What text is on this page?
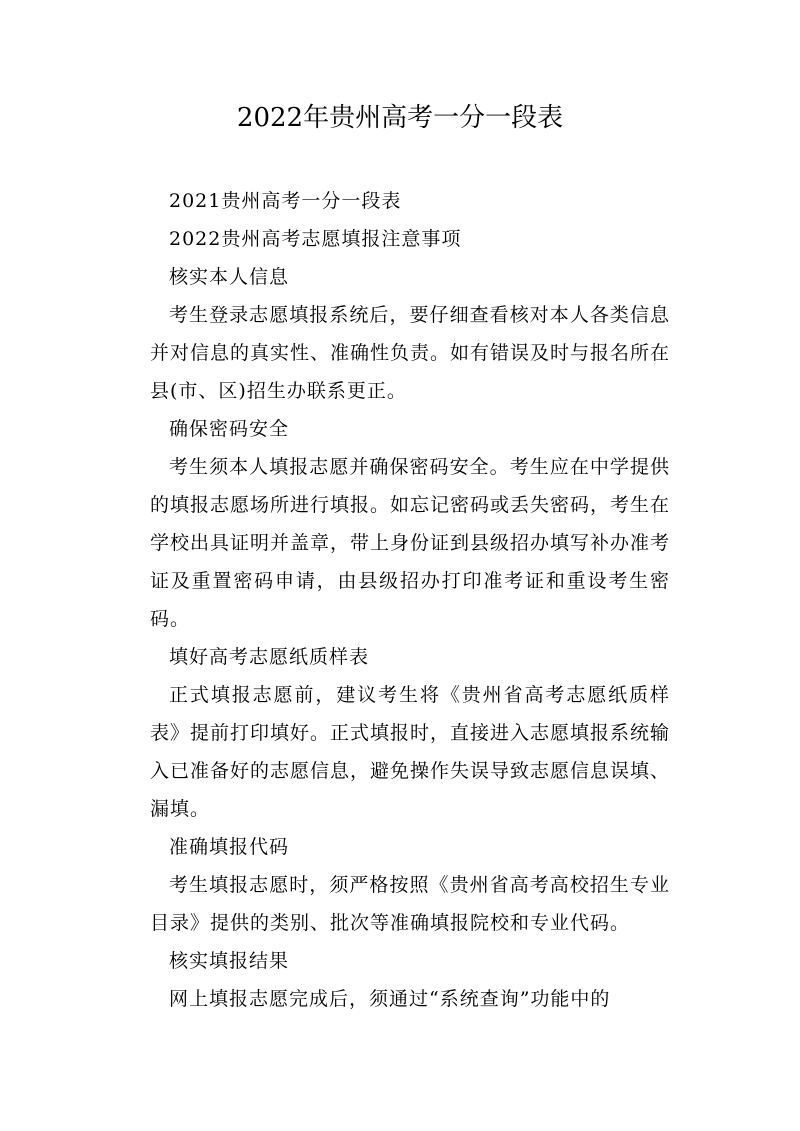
2022年贵州高考一分一段表

2021贵州高考一分一段表

2022贵州高考志愿填报注意事项

核实本人信息

考生登录志愿填报系统后，要仔细查看核对本人各类信息并对信息的真实性、准确性负责。如有错误及时与报名所在县(市、区)招生办联系更正。

确保密码安全

考生须本人填报志愿并确保密码安全。考生应在中学提供的填报志愿场所进行填报。如忘记密码或丢失密码，考生在学校出具证明并盖章，带上身份证到县级招办填写补办准考证及重置密码申请，由县级招办打印准考证和重设考生密码。

填好高考志愿纸质样表

正式填报志愿前，建议考生将《贵州省高考志愿纸质样表》提前打印填好。正式填报时，直接进入志愿填报系统输入已准备好的志愿信息，避免操作失误导致志愿信息误填、漏填。

准确填报代码

考生填报志愿时，须严格按照《贵州省高考高校招生专业目录》提供的类别、批次等准确填报院校和专业代码。

核实填报结果

网上填报志愿完成后，须通过“系统查询”功能中的
